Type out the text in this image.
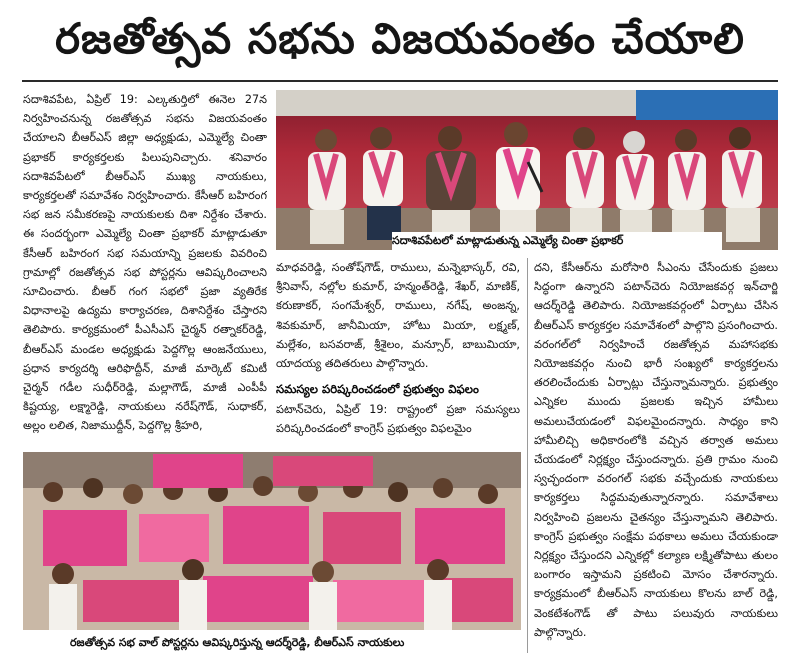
రజతోత్సవ సభను విజయవంతం చేయాలి

సదాశివపేట, ఏప్రిల్ 19: ఎల్కతుర్తిలో ఈనెల 27న నిర్వహించనున్న రజతోత్సవ సభను విజయవంతం చేయాలని బీఆర్ఎస్ జిల్లా అధ్యక్షుడు, ఎమ్మెల్యే చింతా ప్రభాకర్ కార్యకర్తలకు పిలుపునిచ్చారు. శనివారం సదాశివపేటలో బీఆర్ఎస్ ముఖ్య నాయకులు, కార్యకర్తలతో సమావేశం నిర్వహించారు. కేసీఆర్ బహిరంగ సభ జన సమీకరణపై నాయకులకు దిశా నిర్దేశం చేశారు. ఈ సందర్భంగా ఎమ్మెల్యే చింతా ప్రభాకర్ మాట్లాడుతూ కేసీఆర్ బహిరంగ సభ సమయాన్ని ప్రజలకు వివరించి గ్రామాల్లో రజతోత్సవ సభ పోస్టర్లను ఆవిష్కరించాలని సూచించారు. బీఆర్ గంగ సభలో ప్రజా వ్యతిరేక విధానాలపై ఉద్యమ కార్యాచరణ, దిశానిర్దేశం చేస్తారని తెలిపారు. కార్యక్రమంలో పీఎసీఎస్ చైర్మన్ రత్నాకర్‌రెడ్డి, బీఆర్ఎస్ మండల అధ్యక్షుడు పెద్దగొల్ల ఆంజనేయులు, ప్రధాన కార్యదర్శి ఆరిఫొద్దీన్, మాజీ మార్కెట్ కమిటీ చైర్మన్ గడీల సుధీర్‌రెడ్డి, మల్లాగౌడ్, మాజీ ఎంపీపీ కిష్టయ్య, లక్ష్మారెడ్డి, నాయకులు నరేష్‌గౌడ్, సుధాకర్, అల్లం లలిత, నిజాముద్దీన్, పెద్దగొల్ల శ్రీహరి,

సదాశివపేటలో మాట్లాడుతున్న ఎమ్మెల్యే చింతా ప్రభాకర్

మాధవరెడ్డి, సంతోష్‌గౌడ్, రాములు, మన్నెభాస్కర్, రవి, శ్రీనివాస్, నల్లోల కుమార్, హన్మంత్‌రెడ్డి, శేఖర్, మాణిక్, కరుణాకర్, సంగమేశ్వర్, రాములు, నగేష్, అంజన్న, శివకుమార్, జానీమియా, హోటు మియా, లక్ష్మణ్, మల్లేశం, బసవరాజ్, శ్రీశైలం, మన్సూర్, బాబుమియా, యాదయ్య తదితరులు పాల్గొన్నారు.

సమస్యల పరిష్కరించడంలో ప్రభుత్వం విఫలం

పటాన్‌చెరు, ఏప్రిల్ 19: రాష్ట్రంలో ప్రజా సమస్యలు పరిష్కరించడంలో కాంగ్రెస్ ప్రభుత్వం విఫలమైం

దని, కేసీఆర్‌ను మరోసారి సీఎంను చేసేందుకు ప్రజలు సిద్ధంగా ఉన్నారని పటాన్‌చెరు నియోజకవర్గ ఇన్‌చార్జి ఆదర్శ్‌రెడ్డి తెలిపారు. నియోజకవర్గంలో ఏర్పాటు చేసిన బీఆర్ఎస్ కార్యకర్తల సమావేశంలో పాల్గొని ప్రసంగించారు. వరంగల్‌లో నిర్వహించే రజతోత్సవ మహాసభకు నియోజకవర్గం నుంచి భారీ సంఖ్యలో కార్యకర్తలను తరలించేందుకు ఏర్పాట్లు చేస్తున్నామన్నారు. ప్రభుత్వం ఎన్నికల ముందు ప్రజలకు ఇచ్చిన హామీలు అమలుచేయడంలో విఫలమైందన్నారు. సాధ్యం కాని హామీలిచ్చి అధికారంలోకి వచ్చిన తర్వాత అమలు చేయడంలో నిర్లక్ష్యం చేస్తుందన్నారు. ప్రతి గ్రామం నుంచి స్వచ్ఛందంగా వరంగల్ సభకు వచ్చేందుకు నాయకులు కార్యకర్తలు సిద్ధమవుతున్నారన్నారు. సమావేశాలు నిర్వహించి ప్రజలను చైతన్యం చేస్తున్నామని తెలిపారు. కాంగ్రెస్ ప్రభుత్వం సంక్షేమ పథకాలు అమలు చేయకుండా నిర్లక్ష్యం చేస్తుందని ఎన్నికల్లో కల్యాణ లక్ష్మితోపాటు తులం బంగారం ఇస్తామని ప్రకటించి మోసం చేశారన్నారు. కార్యక్రమంలో బీఆర్ఎస్ నాయకులు కొలను బాల్ రెడ్డి, వెంకటేశంగౌడ్ తో పాటు పలువురు నాయకులు పాల్గొన్నారు.

రజతోత్సవ సభ వాల్ పోస్టర్లను ఆవిష్కరిస్తున్న ఆదర్శ్‌రెడ్డి, బీఆర్ఎస్ నాయకులు
